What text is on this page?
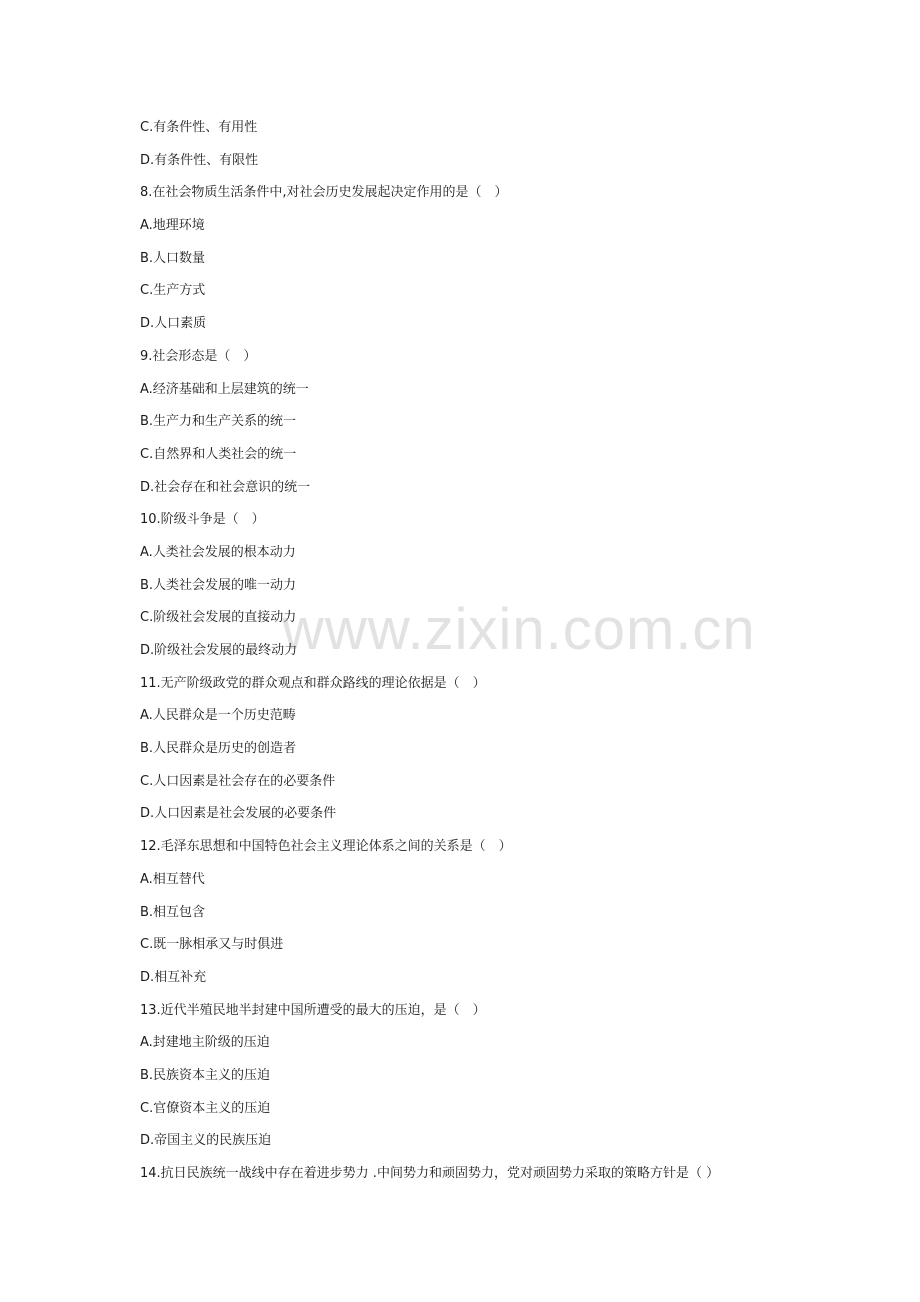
www.zixin.com.cn
C.有条件性、有用性
D.有条件性、有限性
8.在社会物质生活条件中,对社会历史发展起决定作用的是（　）
A.地理环境
B.人口数量
C.生产方式
D.人口素质
9.社会形态是（　）
A.经济基础和上层建筑的统一
B.生产力和生产关系的统一
C.自然界和人类社会的统一
D.社会存在和社会意识的统一
10.阶级斗争是（　）
A.人类社会发展的根本动力
B.人类社会发展的唯一动力
C.阶级社会发展的直接动力
D.阶级社会发展的最终动力
11.无产阶级政党的群众观点和群众路线的理论依据是（　）
A.人民群众是一个历史范畴
B.人民群众是历史的创造者
C.人口因素是社会存在的必要条件
D.人口因素是社会发展的必要条件
12.毛泽东思想和中国特色社会主义理论体系之间的关系是（　）
A.相互替代
B.相互包含
C.既一脉相承又与时俱进
D.相互补充
13.近代半殖民地半封建中国所遭受的最大的压迫，是（　）
A.封建地主阶级的压迫
B.民族资本主义的压迫
C.官僚资本主义的压迫
D.帝国主义的民族压迫
14.抗日民族统一战线中存在着进步势力 .中间势力和顽固势力，党对顽固势力采取的策略方针是（ ）
